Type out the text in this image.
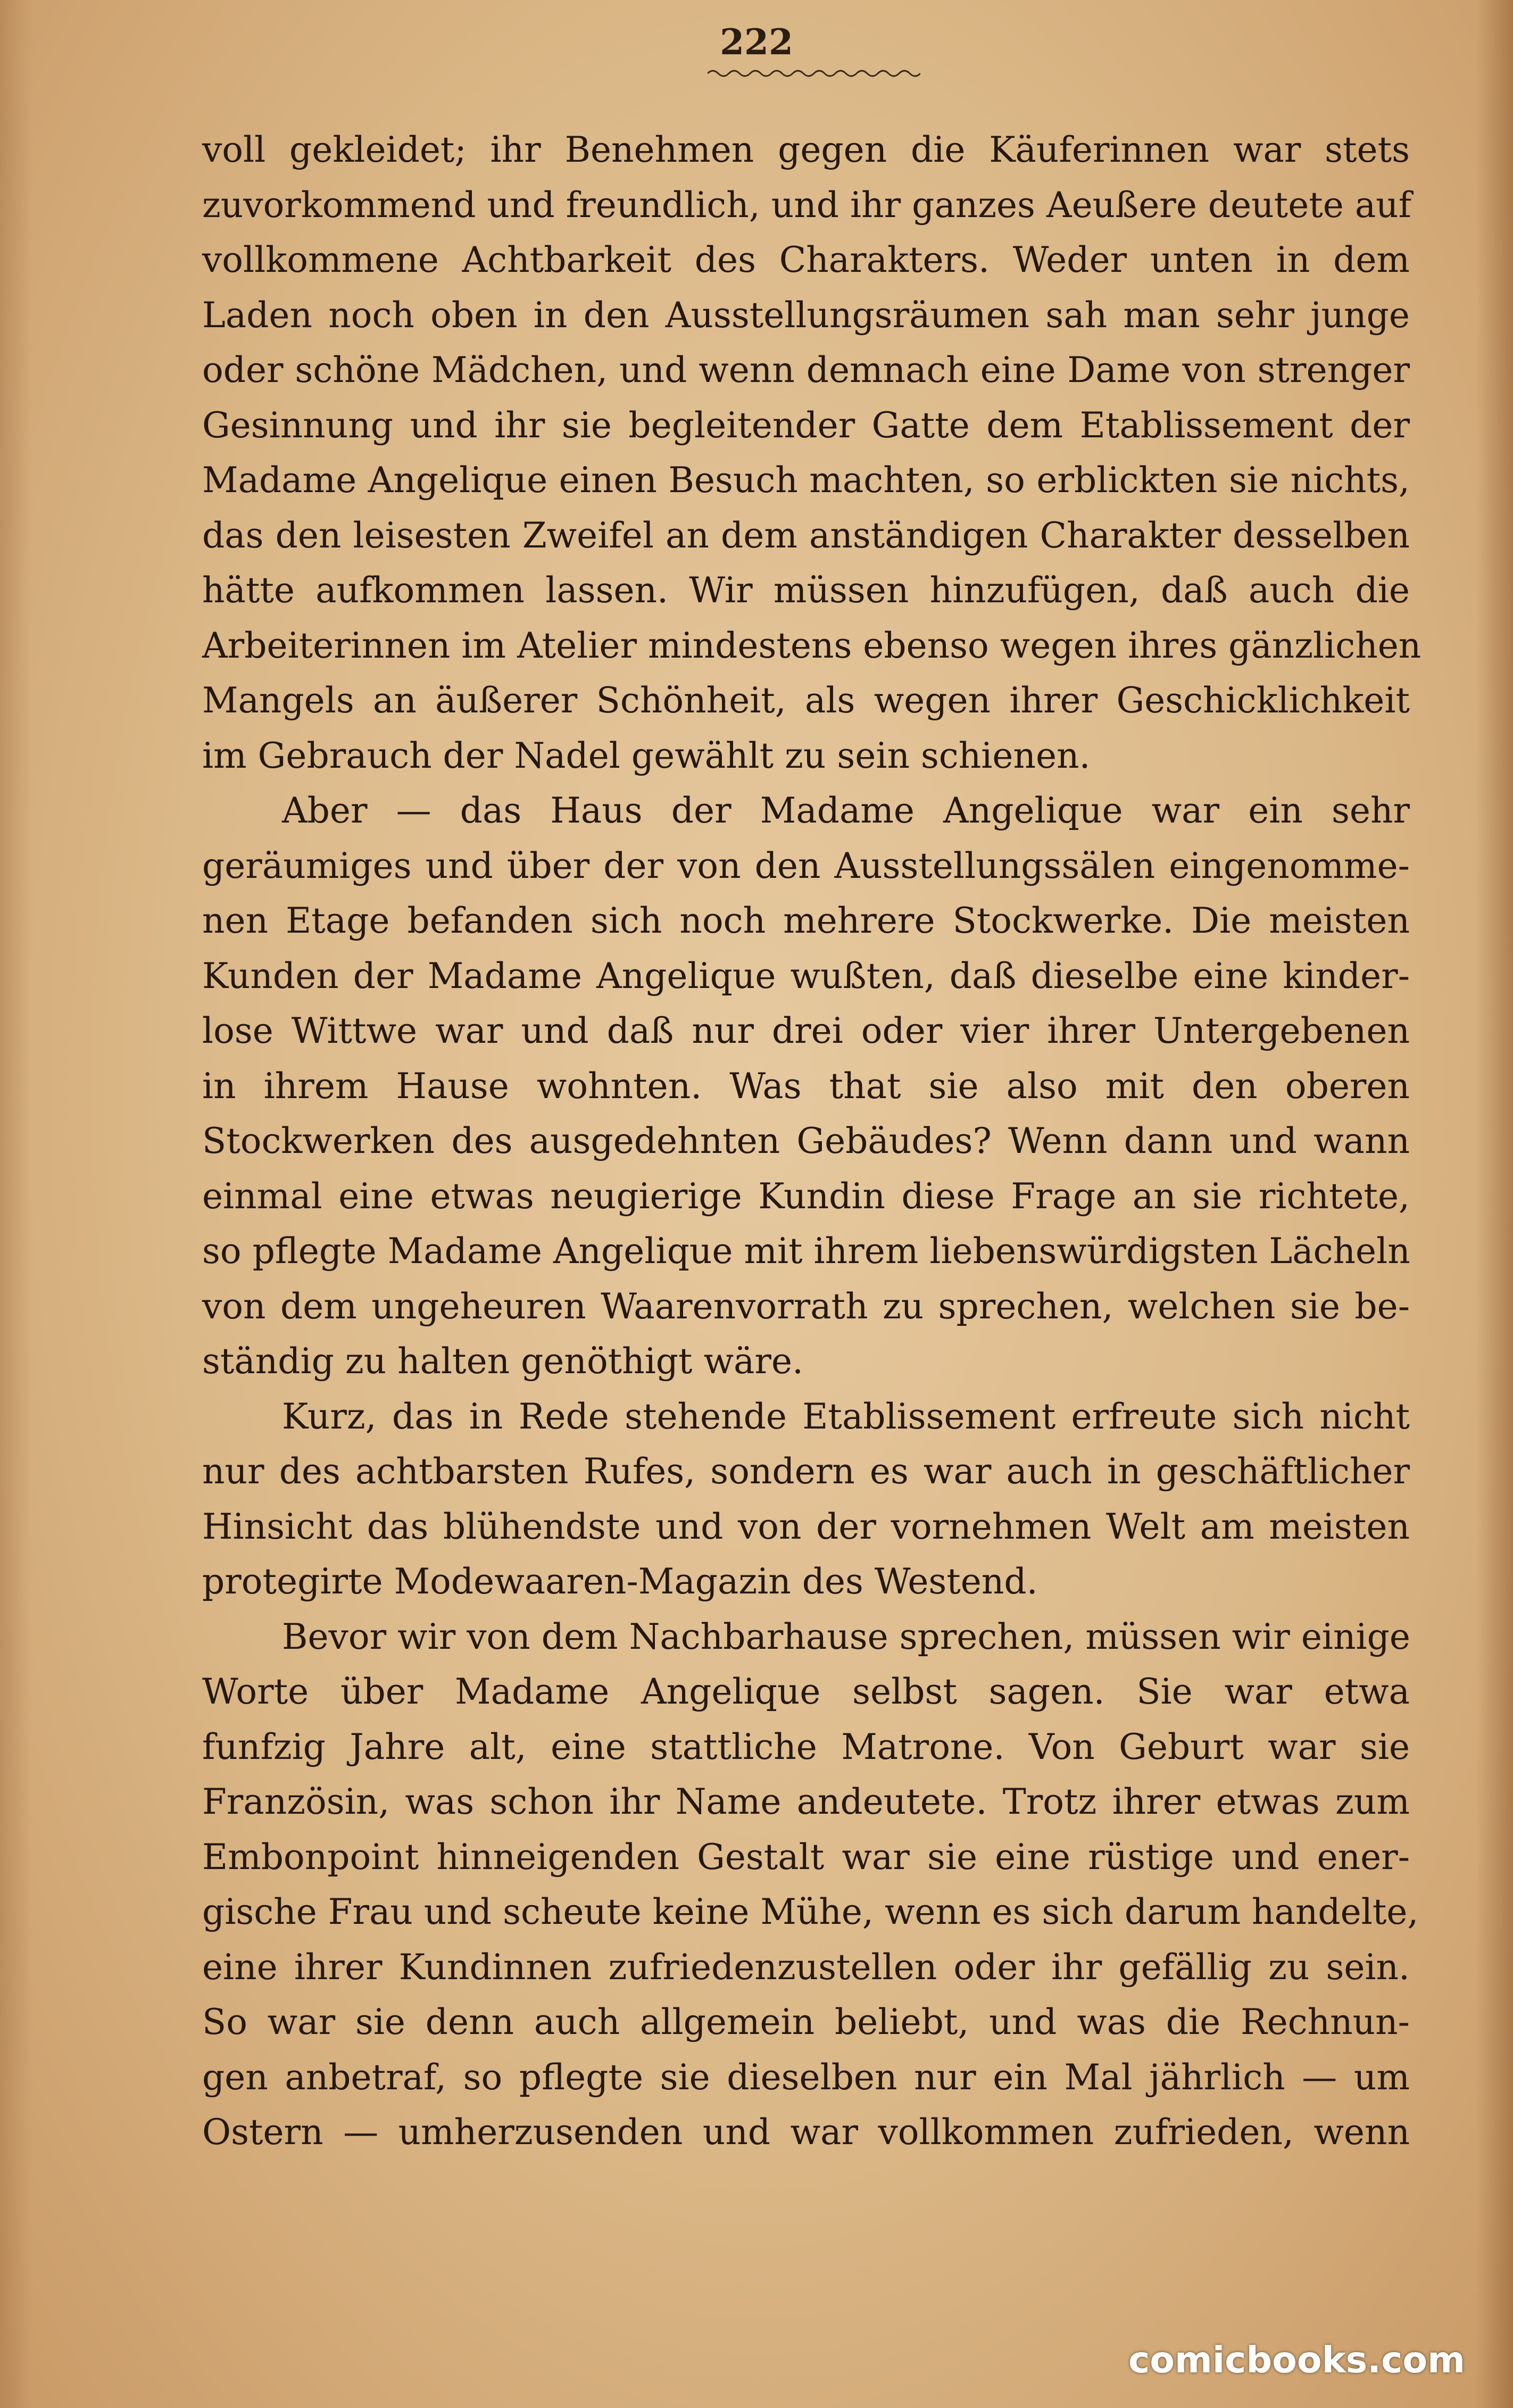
222
voll gekleidet; ihr Benehmen gegen die Käuferinnen war stets
zuvorkommend und freundlich, und ihr ganzes Aeußere deutete auf
vollkommene Achtbarkeit des Charakters. Weder unten in dem
Laden noch oben in den Ausstellungsräumen sah man sehr junge
oder schöne Mädchen, und wenn demnach eine Dame von strenger
Gesinnung und ihr sie begleitender Gatte dem Etablissement der
Madame Angelique einen Besuch machten, so erblickten sie nichts,
das den leisesten Zweifel an dem anständigen Charakter desselben
hätte aufkommen lassen. Wir müssen hinzufügen, daß auch die
Arbeiterinnen im Atelier mindestens ebenso wegen ihres gänzlichen
Mangels an äußerer Schönheit, als wegen ihrer Geschicklichkeit
im Gebrauch der Nadel gewählt zu sein schienen.
Aber — das Haus der Madame Angelique war ein sehr
geräumiges und über der von den Ausstellungssälen eingenomme-
nen Etage befanden sich noch mehrere Stockwerke. Die meisten
Kunden der Madame Angelique wußten, daß dieselbe eine kinder-
lose Wittwe war und daß nur drei oder vier ihrer Untergebenen
in ihrem Hause wohnten. Was that sie also mit den oberen
Stockwerken des ausgedehnten Gebäudes? Wenn dann und wann
einmal eine etwas neugierige Kundin diese Frage an sie richtete,
so pflegte Madame Angelique mit ihrem liebenswürdigsten Lächeln
von dem ungeheuren Waarenvorrath zu sprechen, welchen sie be-
ständig zu halten genöthigt wäre.
Kurz, das in Rede stehende Etablissement erfreute sich nicht
nur des achtbarsten Rufes, sondern es war auch in geschäftlicher
Hinsicht das blühendste und von der vornehmen Welt am meisten
protegirte Modewaaren-Magazin des Westend.
Bevor wir von dem Nachbarhause sprechen, müssen wir einige
Worte über Madame Angelique selbst sagen. Sie war etwa
funfzig Jahre alt, eine stattliche Matrone. Von Geburt war sie
Französin, was schon ihr Name andeutete. Trotz ihrer etwas zum
Embonpoint hinneigenden Gestalt war sie eine rüstige und ener-
gische Frau und scheute keine Mühe, wenn es sich darum handelte,
eine ihrer Kundinnen zufriedenzustellen oder ihr gefällig zu sein.
So war sie denn auch allgemein beliebt, und was die Rechnun-
gen anbetraf, so pflegte sie dieselben nur ein Mal jährlich — um
Ostern — umherzusenden und war vollkommen zufrieden, wenn
comicbooks.com
